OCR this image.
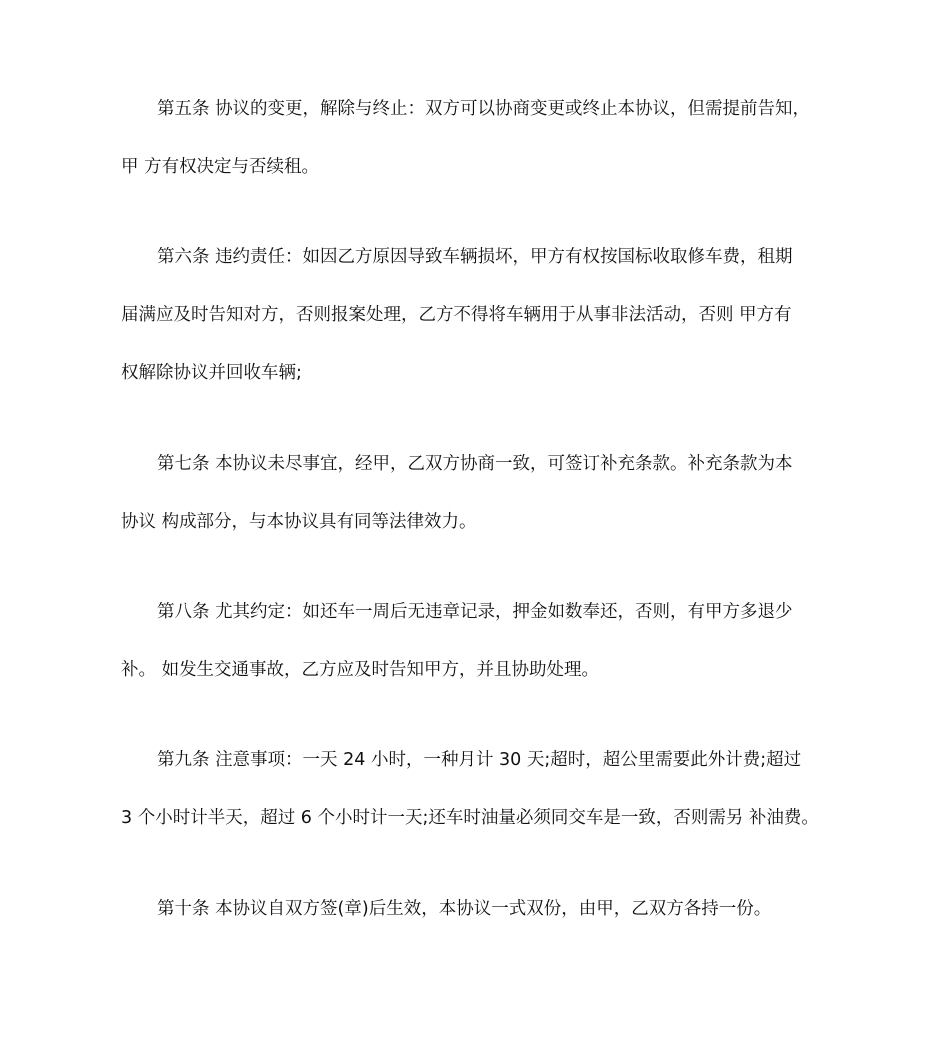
第五条 协议的变更，解除与终止：双方可以协商变更或终止本协议，但需提前告知，
甲 方有权决定与否续租。
第六条 违约责任：如因乙方原因导致车辆损坏，甲方有权按国标收取修车费，租期
届满应及时告知对方，否则报案处理，乙方不得将车辆用于从事非法活动，否则 甲方有
权解除协议并回收车辆;
第七条 本协议未尽事宜，经甲，乙双方协商一致，可签订补充条款。补充条款为本
协议 构成部分，与本协议具有同等法律效力。
第八条 尤其约定：如还车一周后无违章记录，押金如数奉还，否则，有甲方多退少
补。 如发生交通事故，乙方应及时告知甲方，并且协助处理。
第九条 注意事项：一天 24 小时，一种月计 30 天;超时，超公里需要此外计费;超过
3 个小时计半天，超过 6 个小时计一天;还车时油量必须同交车是一致，否则需另 补油费。
第十条 本协议自双方签(章)后生效，本协议一式双份，由甲，乙双方各持一份。
